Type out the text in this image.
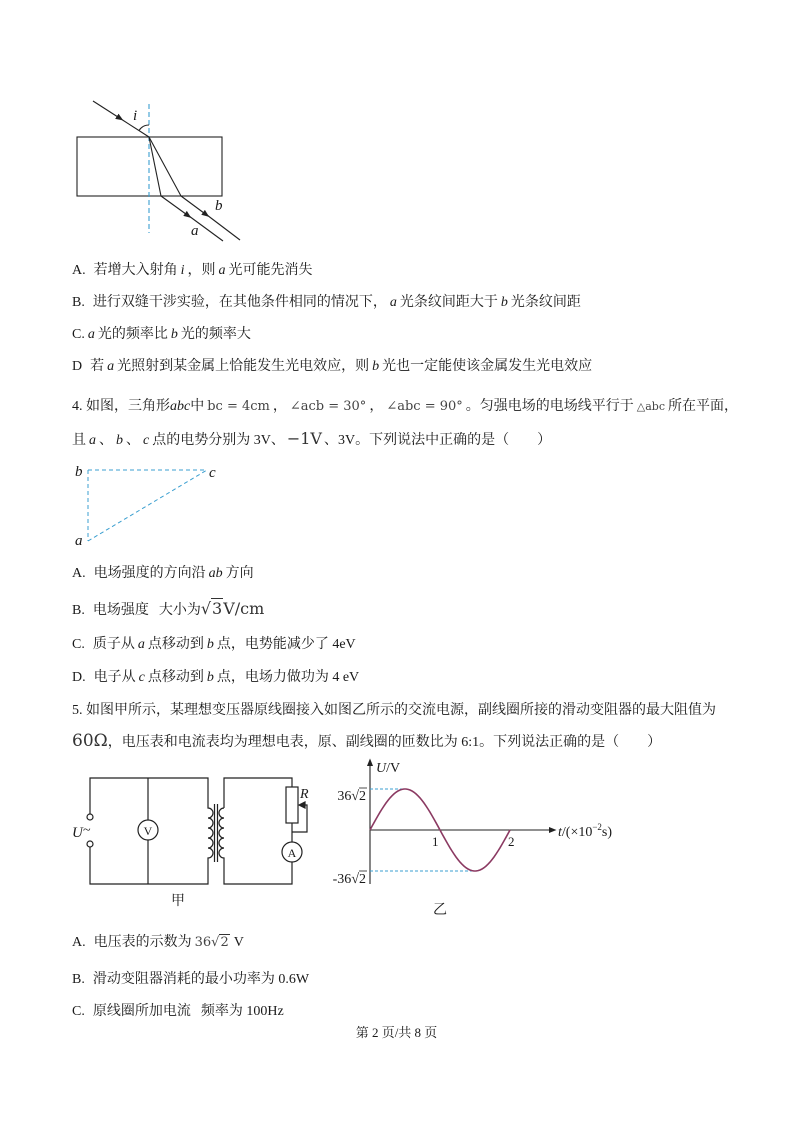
i
b
a
b	c
a
U ~	V
A
R
甲
U/V
$t/(\times 10^{-2}s)$
36√2
-36√2
1	2
乙
A. 若增大入射角 i ，则 a 光可能先消失
B. 进行双缝干涉实验，在其他条件相同的情况下， a 光条纹间距大于 b 光条纹间距
C. a 光的频率比 b 光的频率大
D 若 a 光照射到某金属上恰能发生光电效应，则 b 光也一定能使该金属发生光电效应
4. 如图，三角形abc中 bc = 4cm ， ∠acb = 30° ， ∠abc = 90° 。匀强电场的电场线平行于 △abc 所在平面，
且 a 、 b 、 c 点的电势分别为 3V、 −1V 、3V。下列说法中正确的是（　　）
A. 电场强度的方向沿 ab 方向
B. 电场强度 大小为√3V/cm
C. 质子从 a 点移动到 b 点，电势能减少了 4eV
D. 电子从 c 点移动到 b 点，电场力做功为 4 eV
5. 如图甲所示，某理想变压器原线圈接入如图乙所示的交流电源，副线圈所接的滑动变阻器的最大阻值为
60Ω，电压表和电流表均为理想电表，原、副线圈的匝数比为 6:1。下列说法正确的是（　　）
A. 电压表的示数为 36√2 V
B. 滑动变阻器消耗的最小功率为 0.6W
C. 原线圈所加电流 频率为 100Hz
第 2 页/共 8 页
